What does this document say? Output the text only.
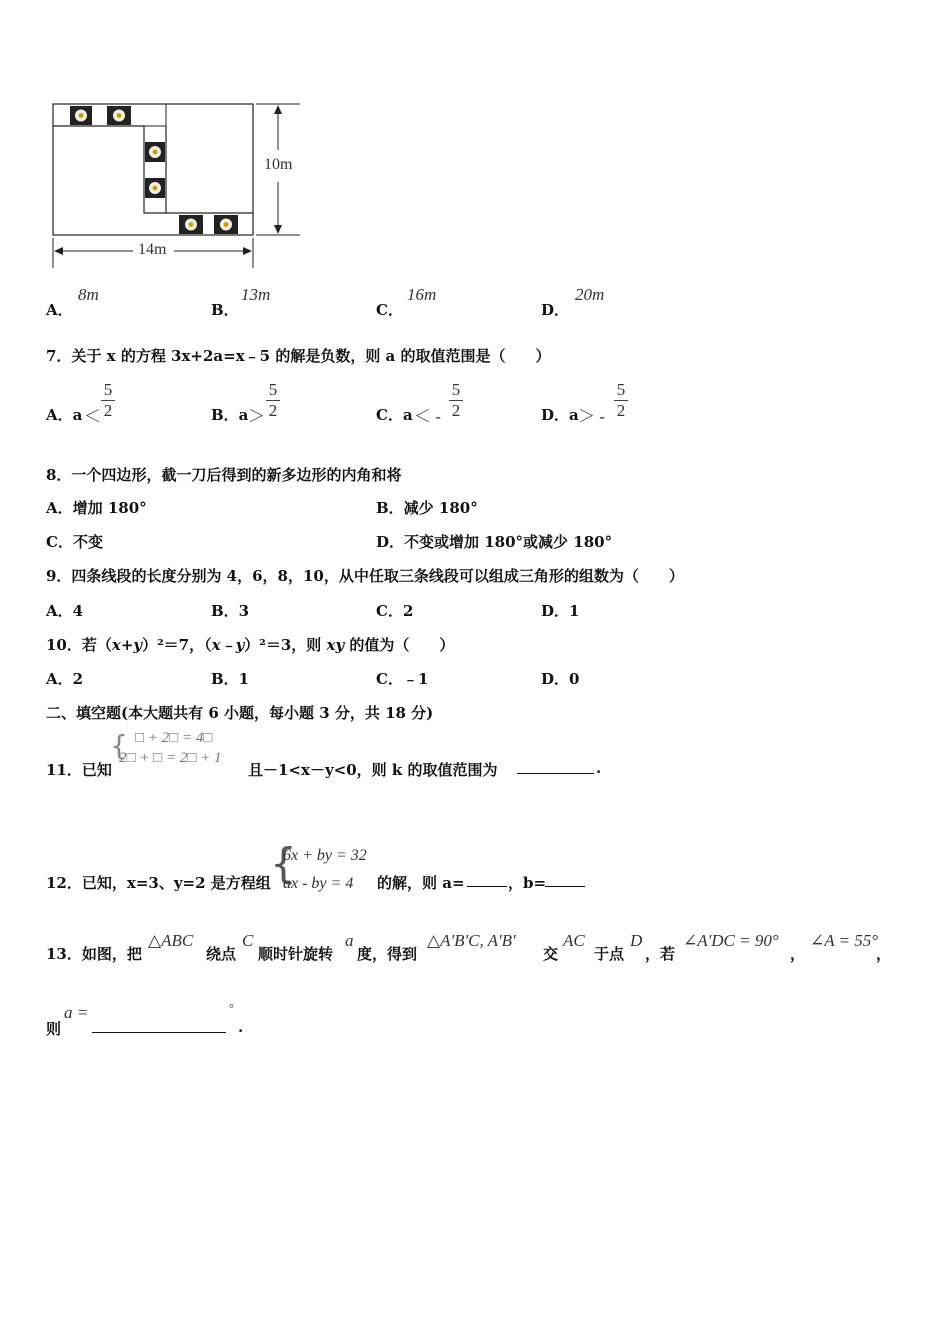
10m
14m
A．
8m
B．
13m
C．
16m
D．
20m
7．关于 x 的方程 3x+2a=x﹣5 的解是负数，则 a 的取值范围是（　　）
A．a ＜
5
2	B．a ＞
5
2	C．a ＜ -
5
2	D．a ＞ -
5
2
8．一个四边形，截一刀后得到的新多边形的内角和将
A．增加 180°	B．减少 180°
C．不变	D．不变或增加 180°或减少 180°
9．四条线段的长度分别为 4，6，8，10，从中任取三条线段可以组成三角形的组数为（　　）
A．4	B．3	C．2	D．1
10．若（x+y）²＝7，（x﹣y）²＝3，则 xy 的值为（　　）
A．2	B．1	C．﹣1	D．0
二、填空题(本大题共有 6 小题，每小题 3 分，共 18 分)
11．已知
{ □ + 2□ = 4□
2□ + □ = 2□ + 1
且－1<x－y<0，则 k 的取值范围为	.
12．已知，x=3、y=2 是方程组 {
6x + by = 32
ax - by = 4 的解，则 a=	，b=
13．如图，把
△ABC
绕点
C
顺时针旋转
a
度，得到
△A'B'C, A'B'
交
AC
于点
D
，若
∠A'DC = 90°
，
∠A = 55°
，
则
a =	°
.
